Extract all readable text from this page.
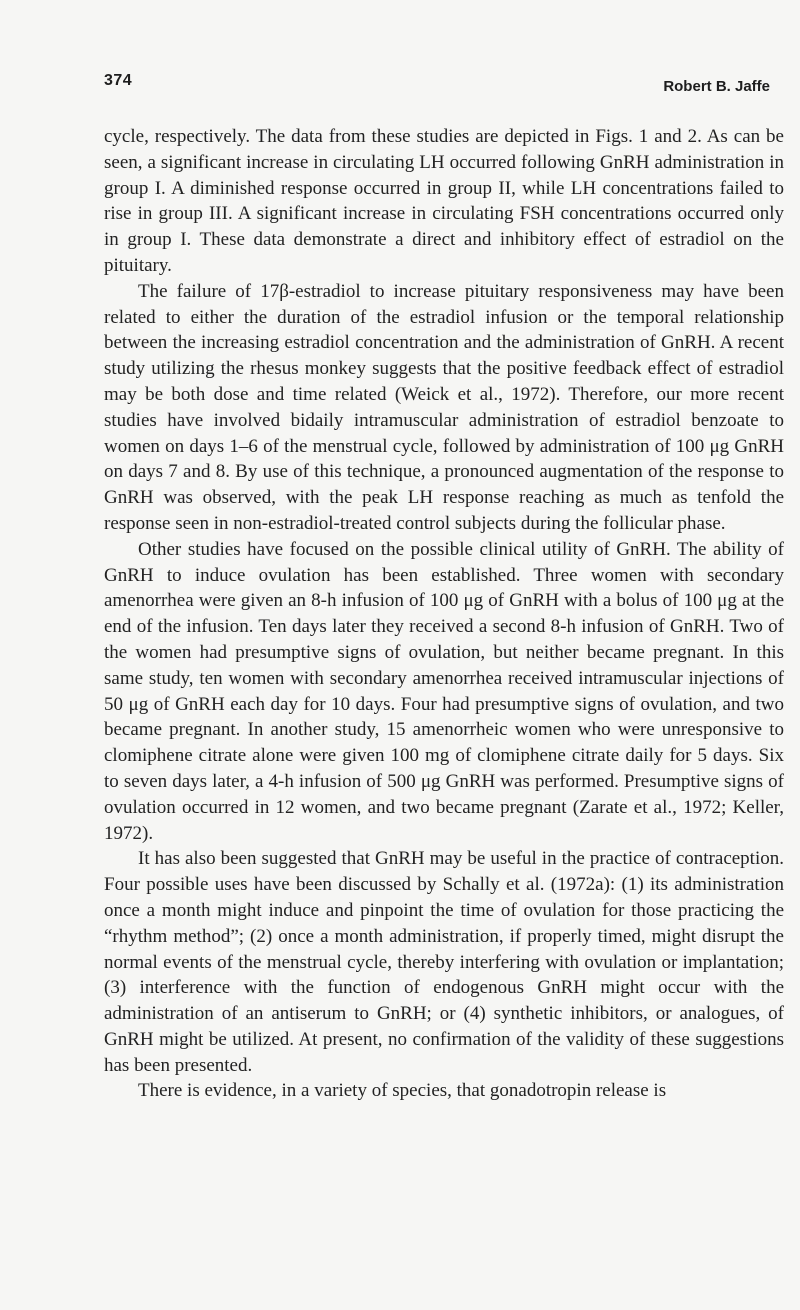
374	Robert B. Jaffe

cycle, respectively. The data from these studies are depicted in Figs. 1 and 2. As can be seen, a significant increase in circulating LH occurred following GnRH administration in group I. A diminished response occurred in group II, while LH concentrations failed to rise in group III. A significant increase in circulating FSH concentrations occurred only in group I. These data demonstrate a direct and inhibitory effect of estradiol on the pituitary.

The failure of 17β-estradiol to increase pituitary responsiveness may have been related to either the duration of the estradiol infusion or the temporal relationship between the increasing estradiol concentration and the administration of GnRH. A recent study utilizing the rhesus monkey suggests that the positive feedback effect of estradiol may be both dose and time related (Weick et al., 1972). Therefore, our more recent studies have involved bidaily intramuscular administration of estradiol benzoate to women on days 1–6 of the menstrual cycle, followed by administration of 100 μg GnRH on days 7 and 8. By use of this technique, a pronounced augmentation of the response to GnRH was observed, with the peak LH response reaching as much as tenfold the response seen in non-estradiol-treated control subjects during the follicular phase.

Other studies have focused on the possible clinical utility of GnRH. The ability of GnRH to induce ovulation has been established. Three women with secondary amenorrhea were given an 8-h infusion of 100 μg of GnRH with a bolus of 100 μg at the end of the infusion. Ten days later they received a second 8-h infusion of GnRH. Two of the women had presumptive signs of ovulation, but neither became pregnant. In this same study, ten women with secondary amenorrhea received intramuscular injections of 50 μg of GnRH each day for 10 days. Four had presumptive signs of ovulation, and two became pregnant. In another study, 15 amenorrheic women who were unresponsive to clomiphene citrate alone were given 100 mg of clomiphene citrate daily for 5 days. Six to seven days later, a 4-h infusion of 500 μg GnRH was performed. Presumptive signs of ovulation occurred in 12 women, and two became pregnant (Zarate et al., 1972; Keller, 1972).

It has also been suggested that GnRH may be useful in the practice of contraception. Four possible uses have been discussed by Schally et al. (1972a): (1) its administration once a month might induce and pinpoint the time of ovulation for those practicing the “rhythm method”; (2) once a month administration, if properly timed, might disrupt the normal events of the menstrual cycle, thereby interfering with ovulation or implantation; (3) interference with the function of endogenous GnRH might occur with the administration of an antiserum to GnRH; or (4) synthetic inhibitors, or analogues, of GnRH might be utilized. At present, no confirmation of the validity of these suggestions has been presented.

There is evidence, in a variety of species, that gonadotropin release is
